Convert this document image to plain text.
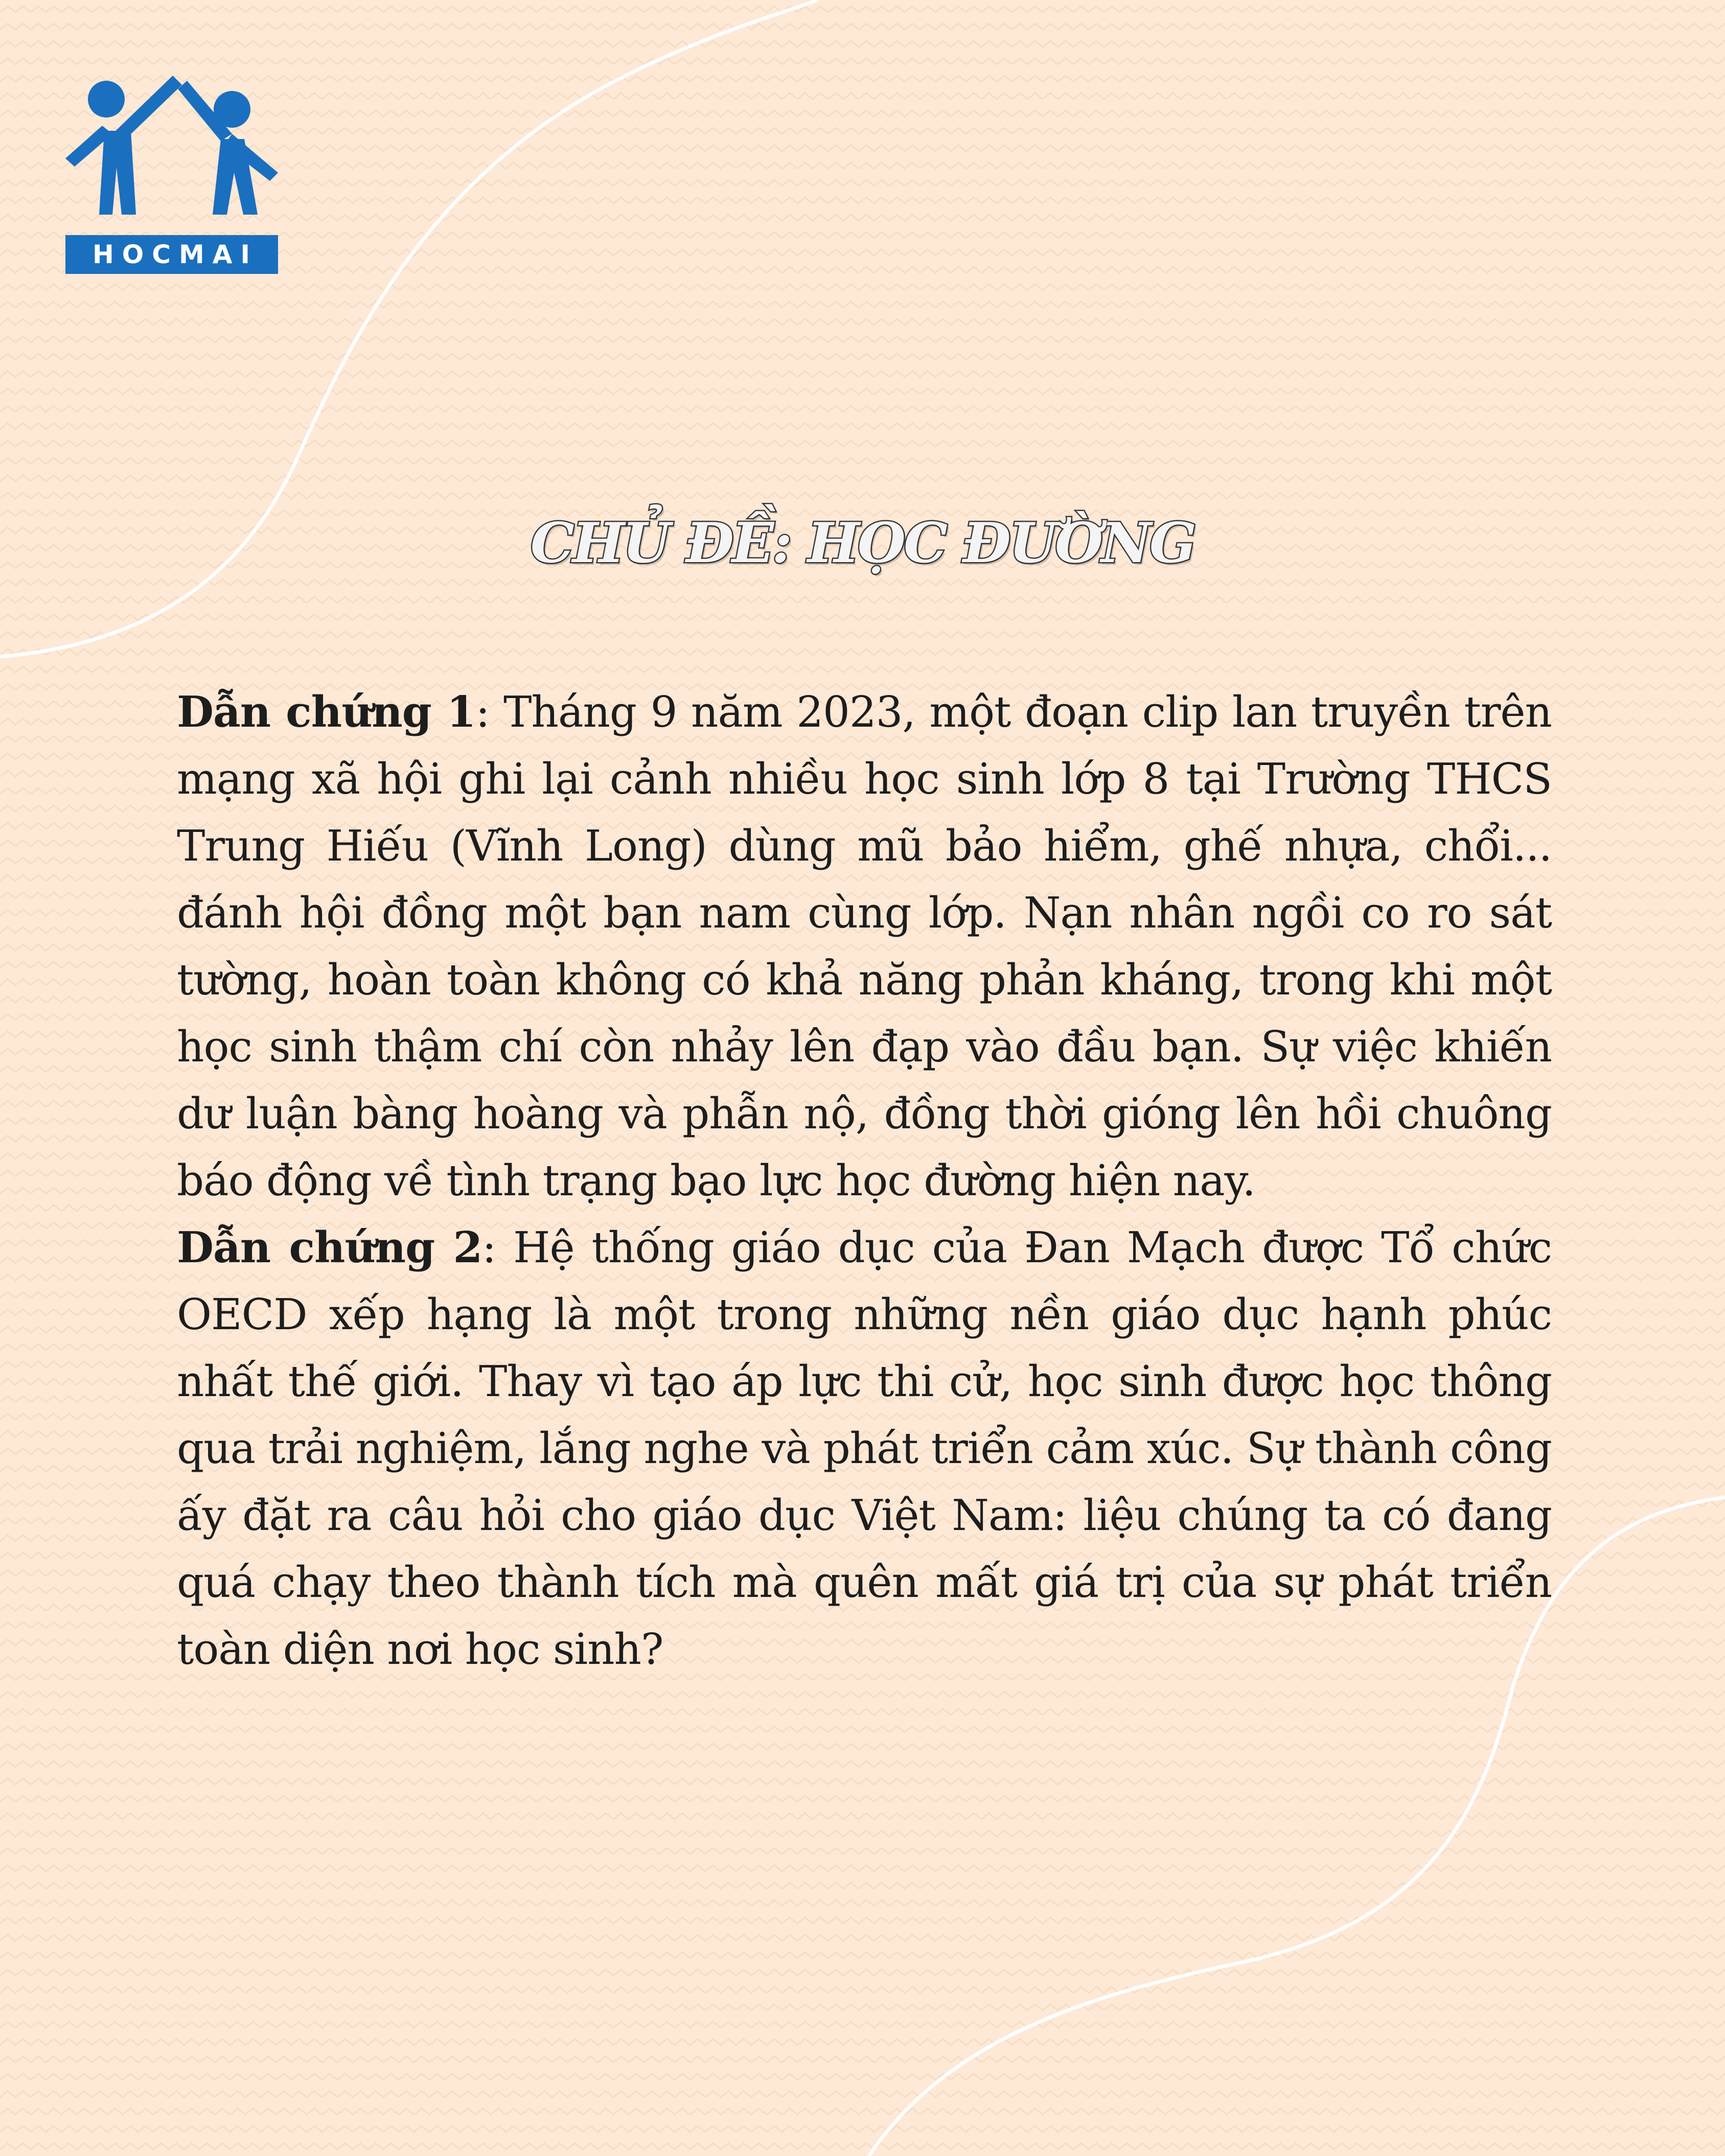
HOCMAI
CHỦ ĐỀ: HỌC ĐƯỜNG

Dẫn chứng 1: Tháng 9 năm 2023, một đoạn clip lan truyền trên mạng xã hội ghi lại cảnh nhiều học sinh lớp 8 tại Trường THCS Trung Hiếu (Vĩnh Long) dùng mũ bảo hiểm, ghế nhựa, chổi... đánh hội đồng một bạn nam cùng lớp. Nạn nhân ngồi co ro sát tường, hoàn toàn không có khả năng phản kháng, trong khi một học sinh thậm chí còn nhảy lên đạp vào đầu bạn. Sự việc khiến dư luận bàng hoàng và phẫn nộ, đồng thời gióng lên hồi chuông báo động về tình trạng bạo lực học đường hiện nay.

Dẫn chứng 2: Hệ thống giáo dục của Đan Mạch được Tổ chức OECD xếp hạng là một trong những nền giáo dục hạnh phúc nhất thế giới. Thay vì tạo áp lực thi cử, học sinh được học thông qua trải nghiệm, lắng nghe và phát triển cảm xúc. Sự thành công ấy đặt ra câu hỏi cho giáo dục Việt Nam: liệu chúng ta có đang quá chạy theo thành tích mà quên mất giá trị của sự phát triển toàn diện nơi học sinh?
